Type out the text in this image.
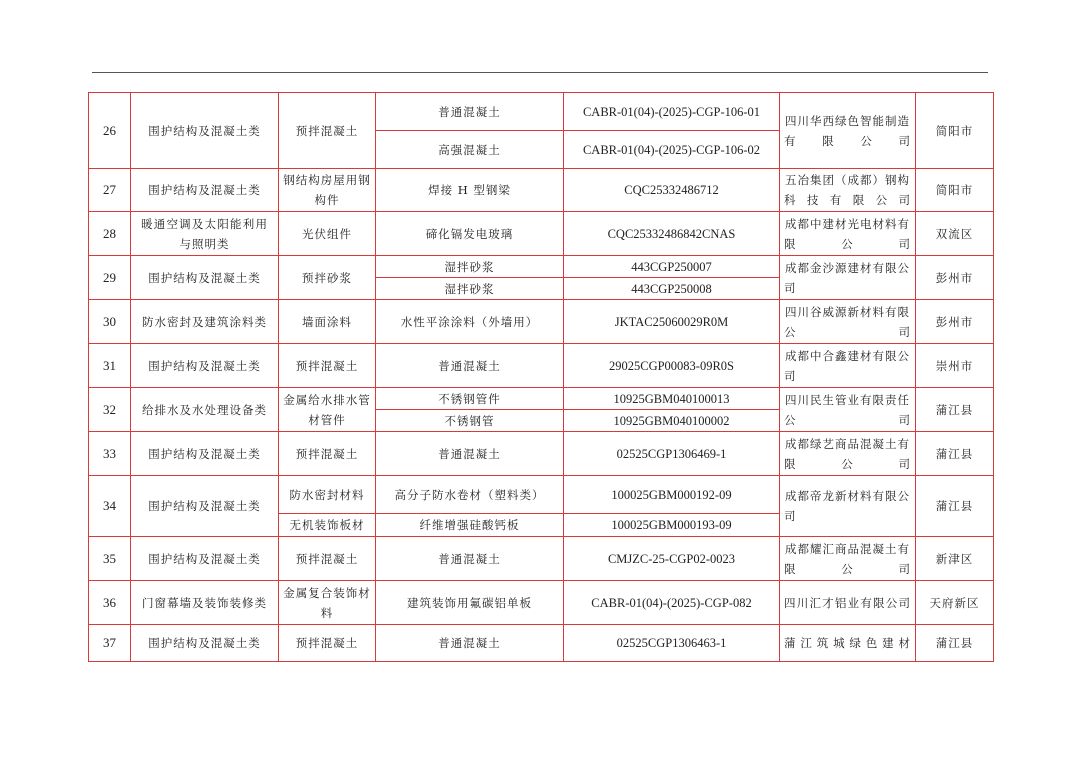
26	围护结构及混凝土类	预拌混凝土	普通混凝土	CABR-01(04)-(2025)-CGP-106-01	四川华西绿色智能制造有限公司	简阳市
			高强混凝土	CABR-01(04)-(2025)-CGP-106-02		
27	围护结构及混凝土类	钢结构房屋用钢构件	焊接 H 型钢梁	CQC25332486712	五冶集团（成都）钢构科技有限公司	简阳市
28	暖通空调及太阳能利用与照明类	光伏组件	碲化镉发电玻璃	CQC25332486842CNAS	成都中建材光电材料有限公司	双流区
29	围护结构及混凝土类	预拌砂浆	湿拌砂浆	443CGP250007	成都金沙源建材有限公司	彭州市
			湿拌砂浆	443CGP250008		
30	防水密封及建筑涂料类	墙面涂料	水性平涂涂料（外墙用）	JKTAC25060029R0M	四川谷威源新材料有限公司	彭州市
31	围护结构及混凝土类	预拌混凝土	普通混凝土	29025CGP00083-09R0S	成都中合鑫建材有限公司	崇州市
32	给排水及水处理设备类	金属给水排水管材管件	不锈钢管件	10925GBM040100013	四川民生管业有限责任公司	蒲江县
			不锈钢管	10925GBM040100002		
33	围护结构及混凝土类	预拌混凝土	普通混凝土	02525CGP1306469-1	成都绿艺商品混凝土有限公司	蒲江县
34	围护结构及混凝土类	防水密封材料	高分子防水卷材（塑料类）	100025GBM000192-09	成都帝龙新材料有限公司	蒲江县
		无机装饰板材	纤维增强硅酸钙板	100025GBM000193-09		
35	围护结构及混凝土类	预拌混凝土	普通混凝土	CMJZC-25-CGP02-0023	成都耀汇商品混凝土有限公司	新津区
36	门窗幕墙及装饰装修类	金属复合装饰材料	建筑装饰用氟碳铝单板	CABR-01(04)-(2025)-CGP-082	四川汇才铝业有限公司	天府新区
37	围护结构及混凝土类	预拌混凝土	普通混凝土	02525CGP1306463-1	蒲江筑城绿色建材	蒲江县
